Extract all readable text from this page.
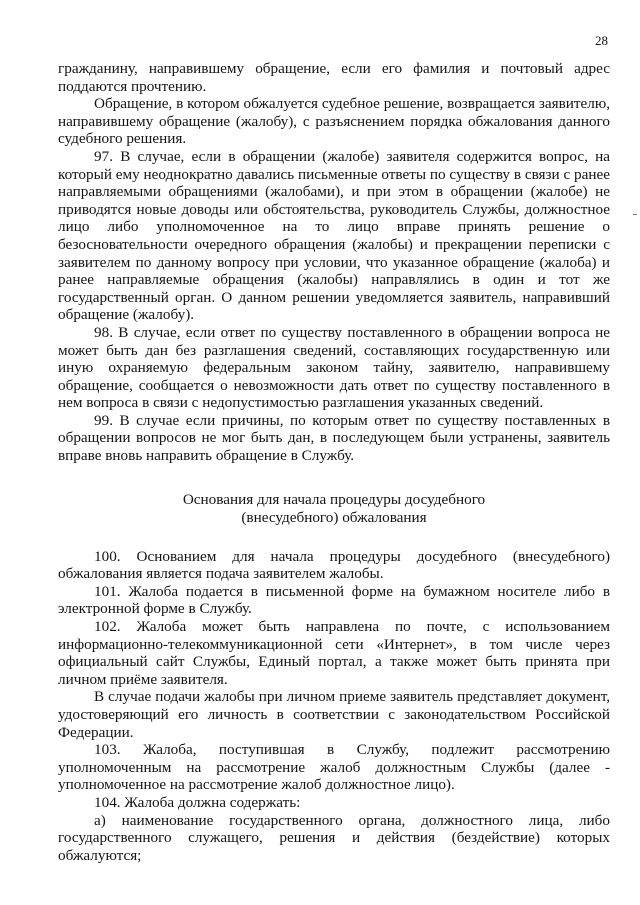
28

гражданину, направившему обращение, если его фамилия и почтовый адрес поддаются прочтению.

Обращение, в котором обжалуется судебное решение, возвращается заявителю, направившему обращение (жалобу), с разъяснением порядка обжалования данного судебного решения.

97. В случае, если в обращении (жалобе) заявителя содержится вопрос, на который ему неоднократно давались письменные ответы по существу в связи с ранее направляемыми обращениями (жалобами), и при этом в обращении (жалобе) не приводятся новые доводы или обстоятельства, руководитель Службы, должностное лицо либо уполномоченное на то лицо вправе принять решение о безосновательности очередного обращения (жалобы) и прекращении переписки с заявителем по данному вопросу при условии, что указанное обращение (жалоба) и ранее направляемые обращения (жалобы) направлялись в один и тот же государственный орган. О данном решении уведомляется заявитель, направивший обращение (жалобу).

98. В случае, если ответ по существу поставленного в обращении вопроса не может быть дан без разглашения сведений, составляющих государственную или иную охраняемую федеральным законом тайну, заявителю, направившему обращение, сообщается о невозможности дать ответ по существу поставленного в нем вопроса в связи с недопустимостью разглашения указанных сведений.

99. В случае если причины, по которым ответ по существу поставленных в обращении вопросов не мог быть дан, в последующем были устранены, заявитель вправе вновь направить обращение в Службу.

Основания для начала процедуры досудебного
(внесудебного) обжалования

100. Основанием для начала процедуры досудебного (внесудебного) обжалования является подача заявителем жалобы.

101. Жалоба подается в письменной форме на бумажном носителе либо в электронной форме в Службу.

102. Жалоба может быть направлена по почте, с использованием информационно-телекоммуникационной сети «Интернет», в том числе через официальный сайт Службы, Единый портал, а также может быть принята при личном приёме заявителя.

В случае подачи жалобы при личном приеме заявитель представляет документ, удостоверяющий его личность в соответствии с законодательством Российской Федерации.

103. Жалоба, поступившая в Службу, подлежит рассмотрению уполномоченным на рассмотрение жалоб должностным Службы (далее - уполномоченное на рассмотрение жалоб должностное лицо).

104. Жалоба должна содержать:

а) наименование государственного органа, должностного лица, либо государственного служащего, решения и действия (бездействие) которых обжалуются;
